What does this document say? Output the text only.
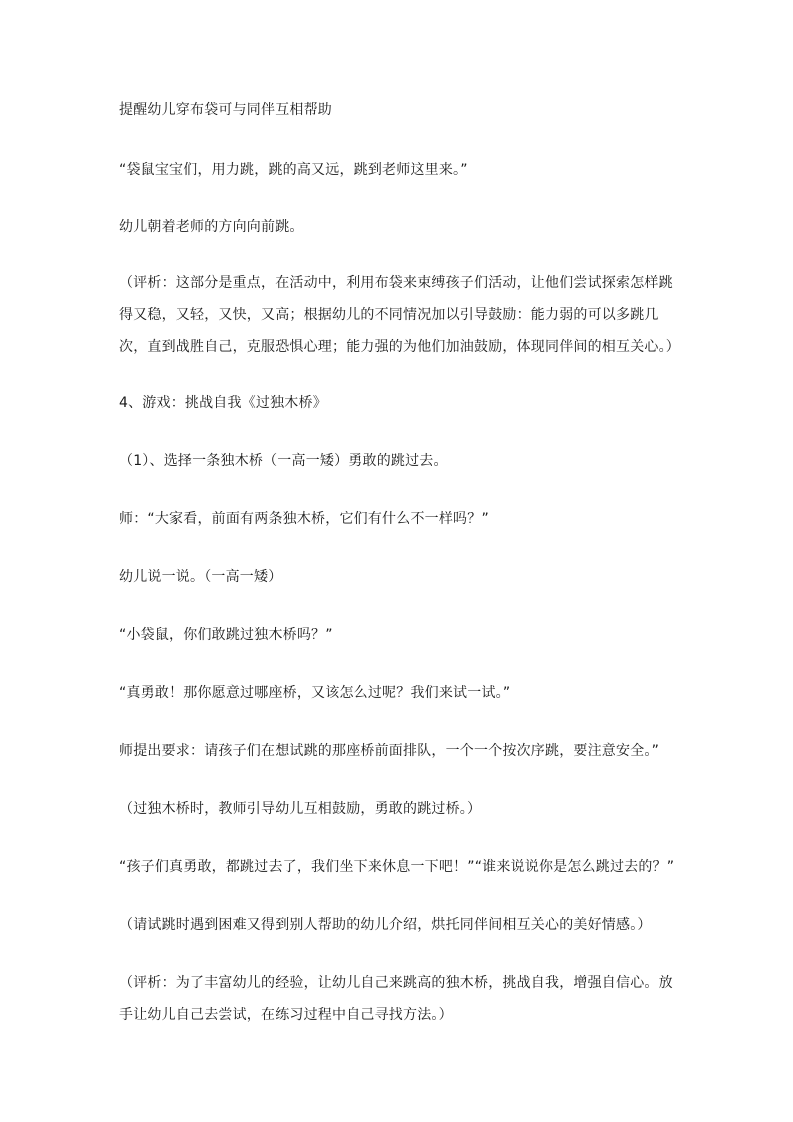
提醒幼儿穿布袋可与同伴互相帮助

“袋鼠宝宝们，用力跳，跳的高又远，跳到老师这里来。”

幼儿朝着老师的方向向前跳。

（评析：这部分是重点，在活动中，利用布袋来束缚孩子们活动，让他们尝试探索怎样跳得又稳，又轻，又快，又高；根据幼儿的不同情况加以引导鼓励：能力弱的可以多跳几次，直到战胜自己，克服恐惧心理；能力强的为他们加油鼓励，体现同伴间的相互关心。）

4、游戏：挑战自我《过独木桥》

（1）、选择一条独木桥（一高一矮）勇敢的跳过去。

师：“大家看，前面有两条独木桥，它们有什么不一样吗？”

幼儿说一说。（一高一矮）

“小袋鼠，你们敢跳过独木桥吗？”

“真勇敢！那你愿意过哪座桥，又该怎么过呢？我们来试一试。”

师提出要求：请孩子们在想试跳的那座桥前面排队，一个一个按次序跳，要注意安全。”

（过独木桥时，教师引导幼儿互相鼓励，勇敢的跳过桥。）

“孩子们真勇敢，都跳过去了，我们坐下来休息一下吧！”“谁来说说你是怎么跳过去的？”

（请试跳时遇到困难又得到别人帮助的幼儿介绍，烘托同伴间相互关心的美好情感。）

（评析：为了丰富幼儿的经验，让幼儿自己来跳高的独木桥，挑战自我，增强自信心。放手让幼儿自己去尝试，在练习过程中自己寻找方法。）
